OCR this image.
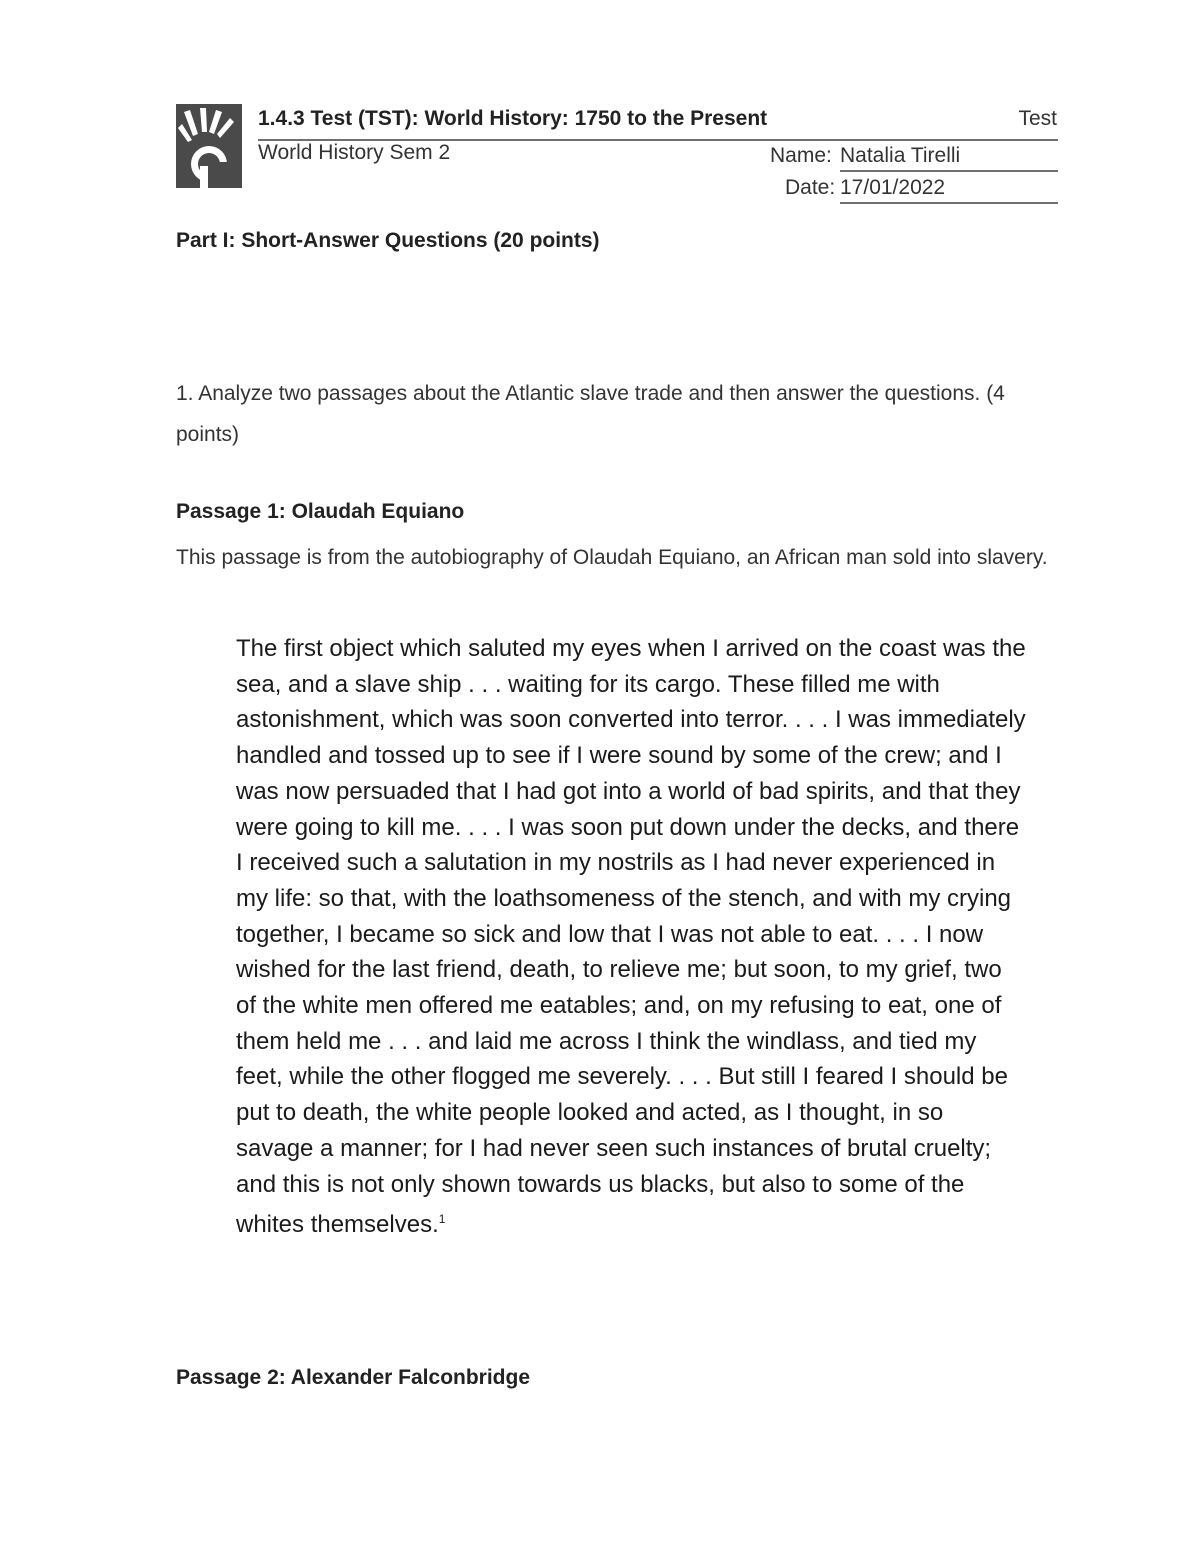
1.4.3 Test (TST): World History: 1750 to the Present	Test
World History Sem 2	Name: Natalia Tirelli
Date: 17/01/2022
Part I: Short-Answer Questions (20 points)
1. Analyze two passages about the Atlantic slave trade and then answer the questions. (4 points)
Passage 1: Olaudah Equiano
This passage is from the autobiography of Olaudah Equiano, an African man sold into slavery.
The first object which saluted my eyes when I arrived on the coast was the sea, and a slave ship . . . waiting for its cargo. These filled me with astonishment, which was soon converted into terror. . . . I was immediately handled and tossed up to see if I were sound by some of the crew; and I was now persuaded that I had got into a world of bad spirits, and that they were going to kill me. . . . I was soon put down under the decks, and there I received such a salutation in my nostrils as I had never experienced in my life: so that, with the loathsomeness of the stench, and with my crying together, I became so sick and low that I was not able to eat. . . . I now wished for the last friend, death, to relieve me; but soon, to my grief, two of the white men offered me eatables; and, on my refusing to eat, one of them held me . . . and laid me across I think the windlass, and tied my feet, while the other flogged me severely. . . . But still I feared I should be put to death, the white people looked and acted, as I thought, in so savage a manner; for I had never seen such instances of brutal cruelty; and this is not only shown towards us blacks, but also to some of the whites themselves.$^1$
Passage 2: Alexander Falconbridge
